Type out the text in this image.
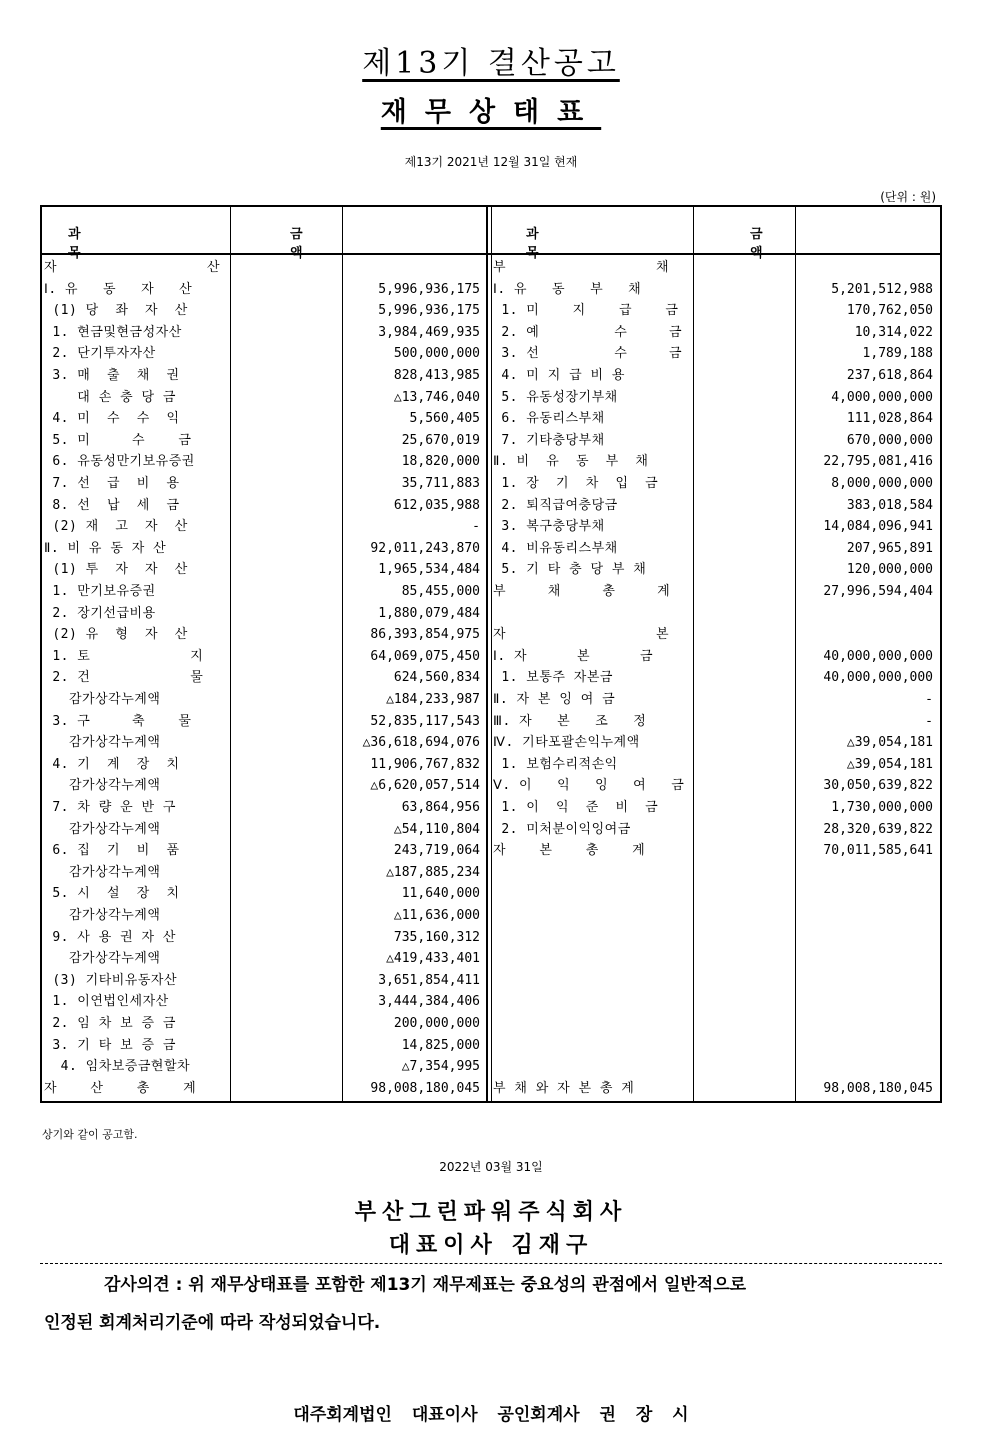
제13기 결산공고
재무상태표
제13기 2021년 12월 31일 현재
(단위 : 원)
과 목
금 액
과 목
금 액
자                  산
Ⅰ. 유   동   자   산	5,996,936,175
(1) 당  좌  자  산	5,996,936,175
1. 현금및현금성자산	3,984,469,935
2. 단기투자자산	500,000,000
3. 매  출  채  권	828,413,985
대 손 충 당 금	△13,746,040
4. 미  수  수  익	5,560,405
5. 미     수    금	25,670,019
6. 유동성만기보유증권	18,820,000
7. 선  급  비  용	35,711,883
8. 선  납  세  금	612,035,988
(2) 재  고  자  산	-
Ⅱ. 비 유 동 자 산	92,011,243,870
(1) 투  자  자  산	1,965,534,484
1. 만기보유증권	85,455,000
2. 장기선급비용	1,880,079,484
(2) 유  형  자  산	86,393,854,975
1. 토            지	64,069,075,450
2. 건            물	624,560,834
감가상각누계액	△184,233,987
3. 구     축    물	52,835,117,543
감가상각누계액	△36,618,694,076
4. 기  계  장  치	11,906,767,832
감가상각누계액	△6,620,057,514
7. 차 량 운 반 구	63,864,956
감가상각누계액	△54,110,804
6. 집  기  비  품	243,719,064
감가상각누계액	△187,885,234
5. 시  설  장  치	11,640,000
감가상각누계액	△11,636,000
9. 사 용 권 자 산	735,160,312
감가상각누계액	△419,433,401
(3) 기타비유동자산	3,651,854,411
1. 이연법인세자산	3,444,384,406
2. 임 차 보 증 금	200,000,000
3. 기 타 보 증 금	14,825,000
4. 임차보증금현할차	△7,354,995
자    산    총    계	98,008,180,045
부                  채
Ⅰ. 유   동   부   채	5,201,512,988
1. 미    지    급    금	170,762,050
2. 예         수     금	10,314,022
3. 선         수     금	1,789,188
4. 미 지 급 비 용	237,618,864
5. 유동성장기부채	4,000,000,000
6. 유동리스부채	111,028,864
7. 기타충당부채	670,000,000
Ⅱ. 비  유  동  부  채	22,795,081,416
1. 장  기  차  입  금	8,000,000,000
2. 퇴직급여충당금	383,018,584
3. 복구충당부채	14,084,096,941
4. 비유동리스부채	207,965,891
5. 기 타 충 당 부 채	120,000,000
부     채     총     계	27,996,594,404
자                  본
Ⅰ. 자      본      금	40,000,000,000
1. 보통주 자본금	40,000,000,000
Ⅱ. 자 본 잉 여 금	-
Ⅲ. 자   본   조   정	-
Ⅳ. 기타포괄손익누계액	△39,054,181
1. 보험수리적손익	△39,054,181
Ⅴ. 이   익   잉   여   금	30,050,639,822
1. 이  익  준  비  금	1,730,000,000
2. 미처분이익잉여금	28,320,639,822
자    본    총    계	70,011,585,641
부 채 와 자 본 총 계	98,008,180,045
상기와 같이 공고함.
2022년 03월 31일
부산그린파워주식회사
대표이사 김재구
감사의견 : 위 재무상태표를 포함한 제13기 재무제표는 중요성의 관점에서 일반적으로
인정된 회계처리기준에 따라 작성되었습니다.
대주회계법인 대표이사 공인회계사 권 장 시
